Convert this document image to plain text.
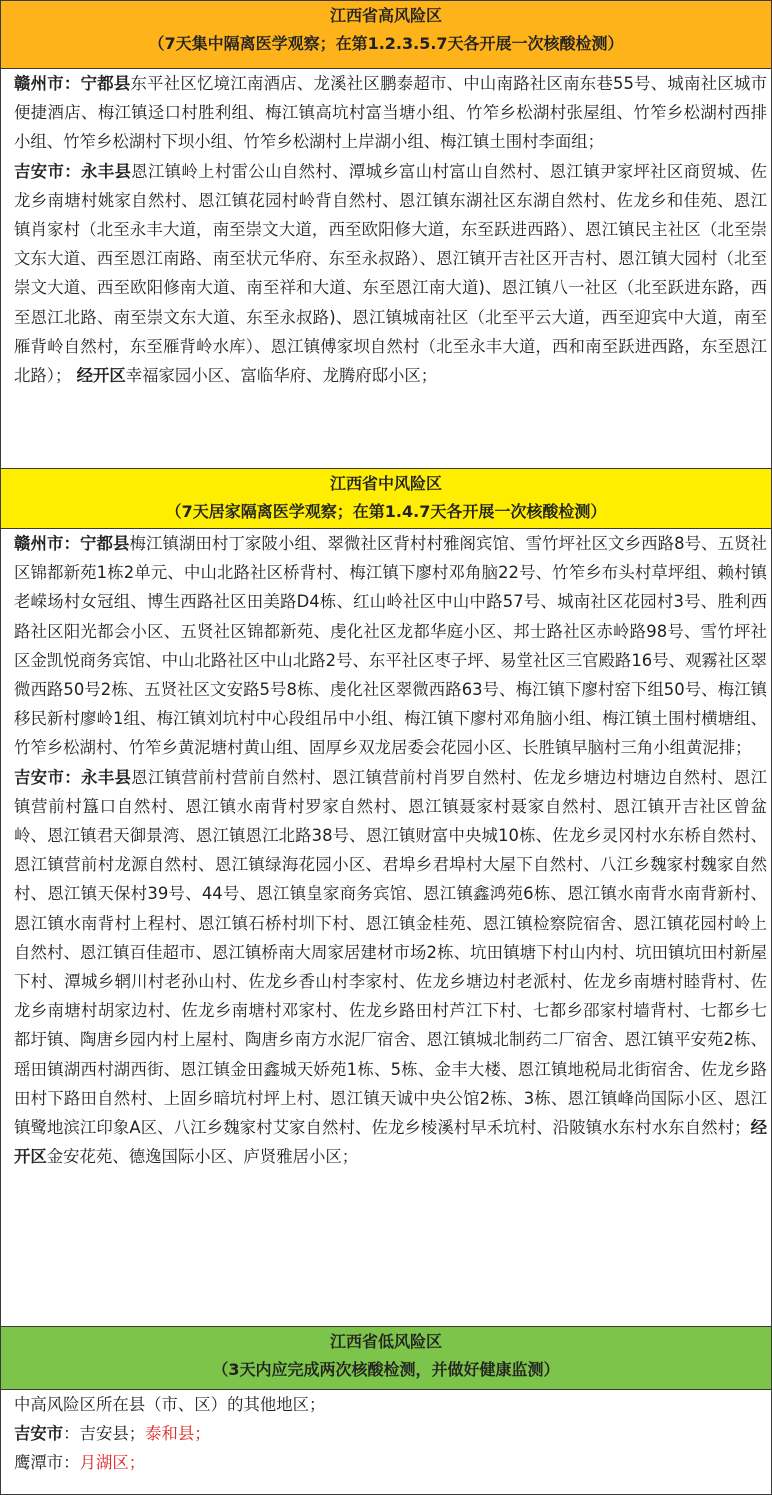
江西省高风险区
（7天集中隔离医学观察；在第1.2.3.5.7天各开展一次核酸检测）

赣州市：宁都县东平社区忆境江南酒店、龙溪社区鹏泰超市、中山南路社区南东巷55号、城南社区城市便捷酒店、梅江镇迳口村胜利组、梅江镇高坑村富当塘小组、竹笮乡松湖村张屋组、竹笮乡松湖村西排小组、竹笮乡松湖村下坝小组、竹笮乡松湖村上岸湖小组、梅江镇土围村李面组；

吉安市：永丰县恩江镇岭上村雷公山自然村、潭城乡富山村富山自然村、恩江镇尹家坪社区商贸城、佐龙乡南塘村姚家自然村、恩江镇花园村岭背自然村、恩江镇东湖社区东湖自然村、佐龙乡和佳苑、恩江镇肖家村（北至永丰大道，南至崇文大道，西至欧阳修大道，东至跃进西路）、恩江镇民主社区（北至崇文东大道、西至恩江南路、南至状元华府、东至永叔路）、恩江镇开吉社区开吉村、恩江镇大园村（北至崇文大道、西至欧阳修南大道、南至祥和大道、东至恩江南大道)、恩江镇八一社区（北至跃进东路，西至恩江北路、南至崇文东大道、东至永叔路)、恩江镇城南社区（北至平云大道，西至迎宾中大道，南至雁背岭自然村，东至雁背岭水库）、恩江镇傅家坝自然村（北至永丰大道，西和南至跃进西路，东至恩江北路）； 经开区幸福家园小区、富临华府、龙腾府邸小区；

江西省中风险区
（7天居家隔离医学观察；在第1.4.7天各开展一次核酸检测）

赣州市：宁都县梅江镇湖田村丁家陂小组、翠微社区背村村雅阁宾馆、雪竹坪社区文乡西路8号、五贤社区锦都新苑1栋2单元、中山北路社区桥背村、梅江镇下廖村邓角脑22号、竹笮乡布头村草坪组、赖村镇老嵘场村女冠组、博生西路社区田美路D4栋、红山岭社区中山中路57号、城南社区花园村3号、胜利西路社区阳光都会小区、五贤社区锦都新苑、虔化社区龙都华庭小区、邦士路社区赤岭路98号、雪竹坪社区金凯悦商务宾馆、中山北路社区中山北路2号、东平社区枣子坪、易堂社区三官殿路16号、观霧社区翠微西路50号2栋、五贤社区文安路5号8栋、虔化社区翠微西路63号、梅江镇下廖村窑下组50号、梅江镇移民新村廖岭1组、梅江镇刘坑村中心段组吊中小组、梅江镇下廖村邓角脑小组、梅江镇土围村横塘组、竹笮乡松湖村、竹笮乡黄泥塘村黄山组、固厚乡双龙居委会花园小区、长胜镇早脑村三角小组黄泥排；

吉安市：永丰县恩江镇营前村营前自然村、恩江镇营前村肖罗自然村、佐龙乡塘边村塘边自然村、恩江镇营前村簋口自然村、恩江镇水南背村罗家自然村、恩江镇聂家村聂家自然村、恩江镇开吉社区曾盆岭、恩江镇君天御景湾、恩江镇恩江北路38号、恩江镇财富中央城10栋、佐龙乡灵冈村水东桥自然村、恩江镇营前村龙源自然村、恩江镇绿海花园小区、君埠乡君埠村大屋下自然村、八江乡魏家村魏家自然村、恩江镇天保村39号、44号、恩江镇皇家商务宾馆、恩江镇鑫鸿苑6栋、恩江镇水南背水南背新村、恩江镇水南背村上程村、恩江镇石桥村圳下村、恩江镇金桂苑、恩江镇检察院宿舍、恩江镇花园村岭上自然村、恩江镇百佳超市、恩江镇桥南大周家居建材市场2栋、坑田镇塘下村山内村、坑田镇坑田村新屋下村、潭城乡辋川村老孙山村、佐龙乡香山村李家村、佐龙乡塘边村老派村、佐龙乡南塘村睦背村、佐龙乡南塘村胡家边村、佐龙乡南塘村邓家村、佐龙乡路田村芦江下村、七都乡邵家村墙背村、七都乡七都圩镇、陶唐乡园内村上屋村、陶唐乡南方水泥厂宿舍、恩江镇城北制药二厂宿舍、恩江镇平安苑2栋、瑶田镇湖西村湖西街、恩江镇金田鑫城天娇苑1栋、5栋、金丰大楼、恩江镇地税局北街宿舍、佐龙乡路田村下路田自然村、上固乡暗坑村坪上村、恩江镇天诚中央公馆2栋、3栋、恩江镇峰尚国际小区、恩江镇鹭地滨江印象A区、八江乡魏家村艾家自然村、佐龙乡棱溪村早禾坑村、沿陂镇水东村水东自然村；经开区金安花苑、德逸国际小区、庐贤雅居小区；

江西省低风险区
（3天内应完成两次核酸检测，并做好健康监测）

中高风险区所在县（市、区）的其他地区；

吉安市：吉安县；泰和县；

鹰潭市：月湖区；
